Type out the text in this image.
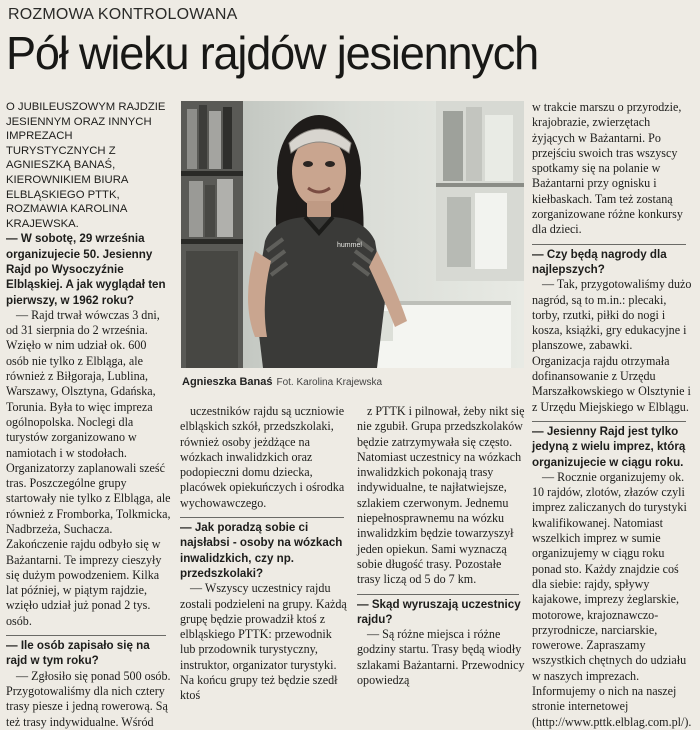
ROZMOWA KONTROLOWANA
Pół wieku rajdów jesiennych

O JUBILEUSZOWYM RAJDZIE JESIENNYM ORAZ INNYCH IMPREZACH TURYSTYCZNYCH Z AGNIESZKĄ BANAŚ, KIEROWNIKIEM BIURA ELBLĄSKIEGO PTTK, ROZMAWIA KAROLINA KRAJEWSKA.

— W sobotę, 29 września organizujecie 50. Jesienny Rajd po Wysoczyźnie Elbląskiej. A jak wyglądał ten pierwszy, w 1962 roku?

— Rajd trwał wówczas 3 dni, od 31 sierpnia do 2 września. Wzięło w nim udział ok. 600 osób nie tylko z Elbląga, ale również z Biłgoraja, Lublina, Warszawy, Olsztyna, Gdańska, Torunia. Była to więc impreza ogólnopolska. Noclegi dla turystów zorganizowano w namiotach i w stodołach. Organizatorzy zaplanowali sześć tras. Poszczególne grupy startowały nie tylko z Elbląga, ale również z Fromborka, Tolkmicka, Nadbrzeża, Suchacza. Zakończenie rajdu odbyło się w Bażantarni. Te imprezy cieszyły się dużym powodzeniem. Kilka lat później, w piątym rajdzie, wzięło udział już ponad 2 tys. osób.

— Ile osób zapisało się na rajd w tym roku?

— Zgłosiło się ponad 500 osób. Przygotowaliśmy dla nich cztery trasy piesze i jedną rowerową. Są też trasy indywidualne. Wśród

hummel
Agnieszka Banaś Fot. Karolina Krajewska

uczestników rajdu są uczniowie elbląskich szkół, przedszkolaki, również osoby jeżdżące na wózkach inwalidzkich oraz podopieczni domu dziecka, placówek opiekuńczych i ośrodka wychowawczego.

— Jak poradzą sobie ci najsłabsi - osoby na wózkach inwalidzkich, czy np. przedszkolaki?

— Wszyscy uczestnicy rajdu zostali podzieleni na grupy. Każdą grupę będzie prowadził ktoś z elbląskiego PTTK: przewodnik lub przodownik turystyczny, instruktor, organizator turystyki. Na końcu grupy też będzie szedł ktoś

z PTTK i pilnował, żeby nikt się nie zgubił. Grupa przedszkolaków będzie zatrzymywała się często. Natomiast uczestnicy na wózkach inwalidzkich pokonają trasy indywidualne, te najłatwiejsze, szlakiem czerwonym. Jednemu niepełnosprawnemu na wózku inwalidzkim będzie towarzyszył jeden opiekun. Sami wyznaczą sobie długość trasy. Pozostałe trasy liczą od 5 do 7 km.

— Skąd wyruszają uczestnicy rajdu?

— Są różne miejsca i różne godziny startu. Trasy będą wiodły szlakami Bażantarni. Przewodnicy opowiedzą

w trakcie marszu o przyrodzie, krajobrazie, zwierzętach żyjących w Bażantarni. Po przejściu swoich tras wszyscy spotkamy się na polanie w Bażantarni przy ognisku i kiełbaskach. Tam też zostaną zorganizowane różne konkursy dla dzieci.

— Czy będą nagrody dla najlepszych?

— Tak, przygotowaliśmy dużo nagród, są to m.in.: plecaki, torby, rzutki, piłki do nogi i kosza, książki, gry edukacyjne i planszowe, zabawki. Organizacja rajdu otrzymała dofinansowanie z Urzędu Marszałkowskiego w Olsztynie i z Urzędu Miejskiego w Elblągu.

— Jesienny Rajd jest tylko jedyną z wielu imprez, którą organizujecie w ciągu roku.

— Rocznie organizujemy ok. 10 rajdów, zlotów, złazów czyli imprez zaliczanych do turystyki kwalifikowanej. Natomiast wszelkich imprez w sumie organizujemy w ciągu roku ponad sto. Każdy znajdzie coś dla siebie: rajdy, spływy kajakowe, imprezy żeglarskie, motorowe, krajoznawczo-przyrodnicze, narciarskie, rowerowe. Zapraszamy wszystkich chętnych do udziału w naszych imprezach. Informujemy o nich na naszej stronie internetowej (http://www.pttk.elblag.com.pl/).
